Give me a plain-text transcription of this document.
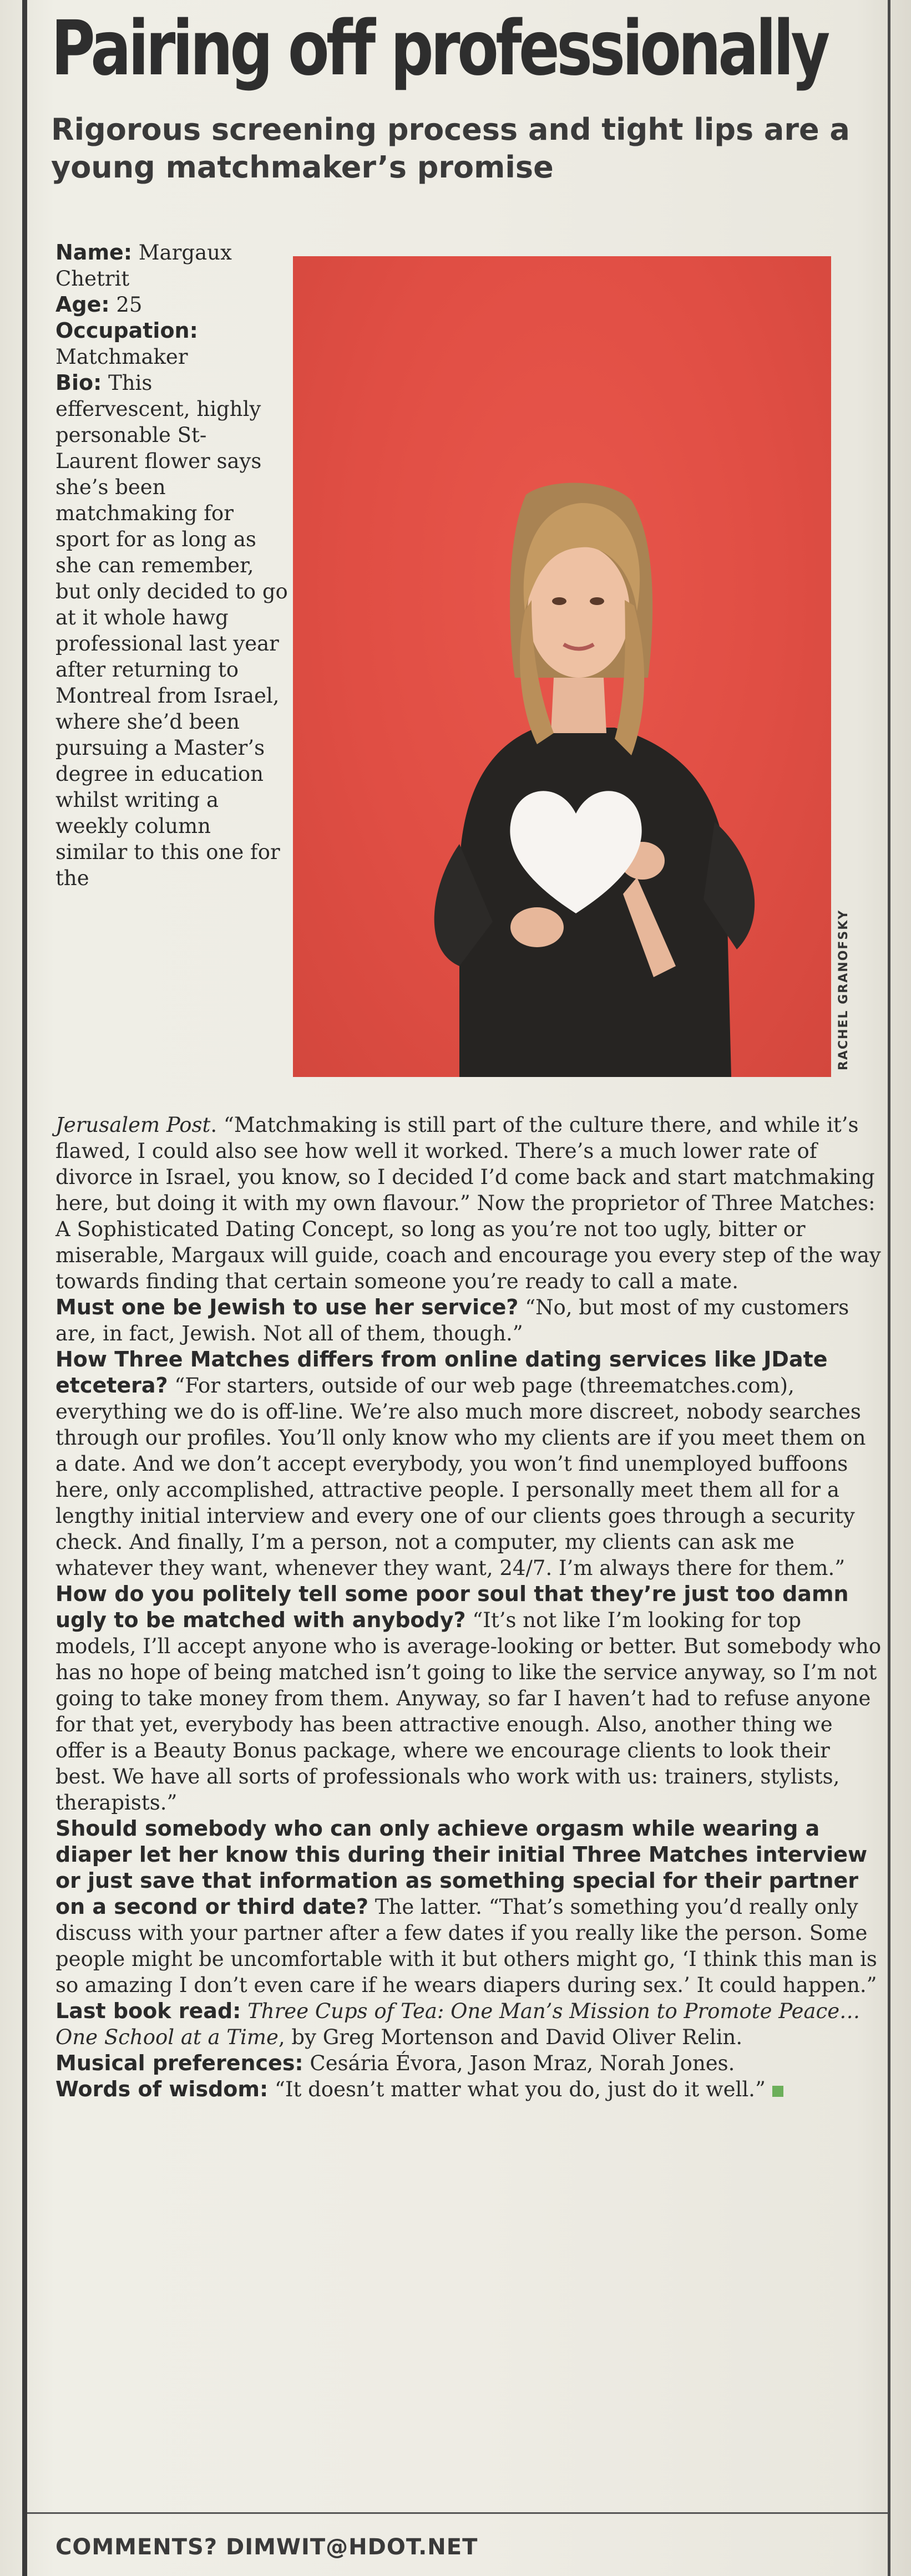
Pairing off professionally
Rigorous screening process and tight lips are a young matchmaker’s promise
RACHEL GRANOFSKY

Name: Margaux Chetrit

Age: 25

Occupation: Matchmaker

Bio: This effervescent, highly personable St-Laurent flower says she’s been matchmaking for sport for as long as she can remember, but only decided to go at it whole hawg professional last year after returning to Montreal from Israel, where she’d been pursuing a Master’s degree in education whilst writing a weekly column similar to this one for the

Jerusalem Post. “Matchmaking is still part of the culture there, and while it’s flawed, I could also see how well it worked. There’s a much lower rate of divorce in Israel, you know, so I decided I’d come back and start matchmaking here, but doing it with my own flavour.” Now the proprietor of Three Matches: A Sophisticated Dating Concept, so long as you’re not too ugly, bitter or miserable, Margaux will guide, coach and encourage you every step of the way towards finding that certain someone you’re ready to call a mate.

Must one be Jewish to use her service? “No, but most of my customers are, in fact, Jewish. Not all of them, though.”

How Three Matches differs from online dating services like JDate etcetera? “For starters, outside of our web page (threematches.com), everything we do is off-line. We’re also much more discreet, nobody searches through our profiles. You’ll only know who my clients are if you meet them on a date. And we don’t accept everybody, you won’t find unemployed buffoons here, only accomplished, attractive people. I personally meet them all for a lengthy initial interview and every one of our clients goes through a security check. And finally, I’m a person, not a computer, my clients can ask me whatever they want, whenever they want, 24/7. I’m always there for them.”

How do you politely tell some poor soul that they’re just too damn ugly to be matched with anybody? “It’s not like I’m looking for top models, I’ll accept anyone who is average-looking or better. But somebody who has no hope of being matched isn’t going to like the service anyway, so I’m not going to take money from them. Anyway, so far I haven’t had to refuse anyone for that yet, everybody has been attractive enough. Also, another thing we offer is a Beauty Bonus package, where we encourage clients to look their best. We have all sorts of professionals who work with us: trainers, stylists, therapists.”

Should somebody who can only achieve orgasm while wearing a diaper let her know this during their initial Three Matches interview or just save that information as something special for their partner on a second or third date? The latter. “That’s something you’d really only discuss with your partner after a few dates if you really like the person. Some people might be uncomfortable with it but others might go, ‘I think this man is so amazing I don’t even care if he wears diapers during sex.’ It could happen.”

Last book read: Three Cups of Tea: One Man’s Mission to Promote Peace… One School at a Time, by Greg Mortenson and David Oliver Relin.

Musical preferences: Cesária Évora, Jason Mraz, Norah Jones.

Words of wisdom: “It doesn’t matter what you do, just do it well.”

COMMENTS? DIMWIT@HDOT.NET
